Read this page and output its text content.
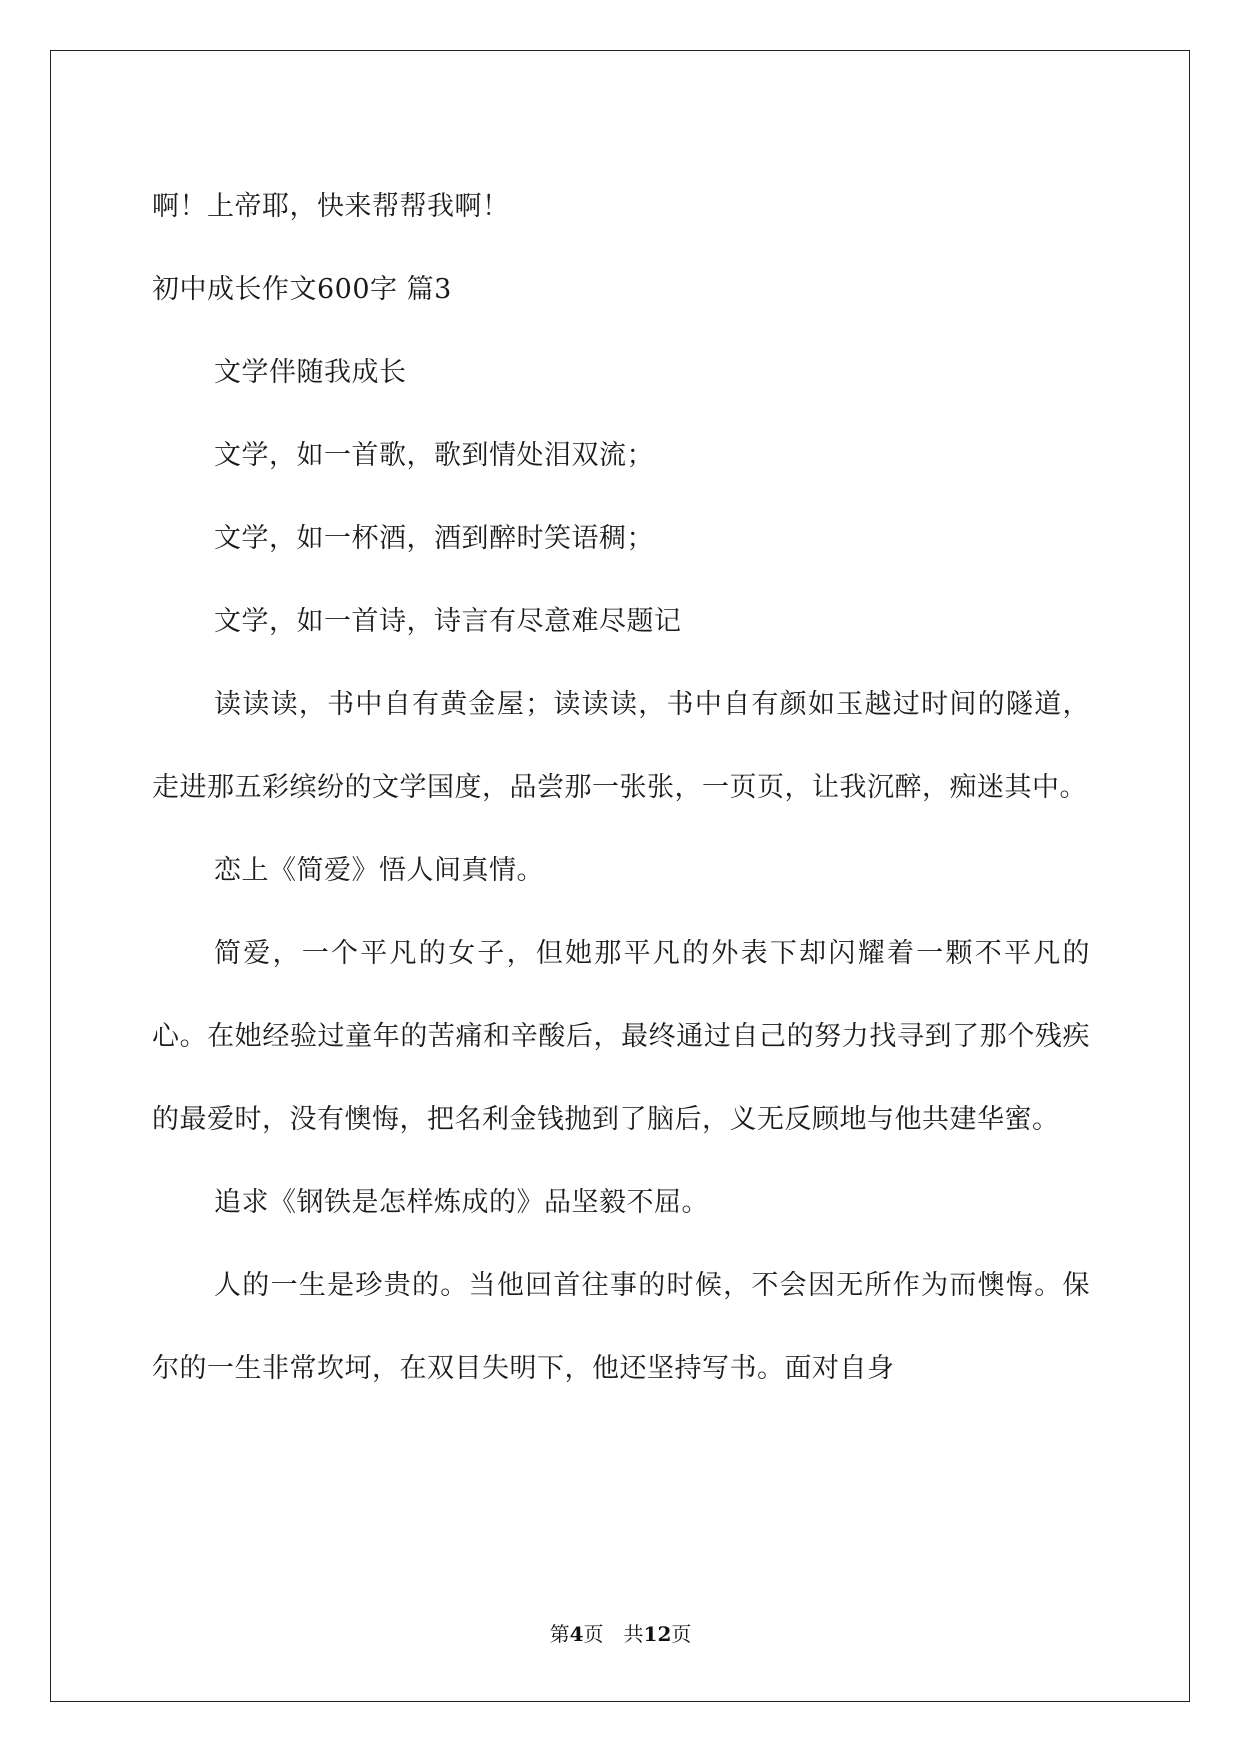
啊！上帝耶，快来帮帮我啊！

初中成长作文600字 篇3

文学伴随我成长

文学，如一首歌，歌到情处泪双流；

文学，如一杯酒，酒到醉时笑语稠；

文学，如一首诗，诗言有尽意难尽题记

读读读，书中自有黄金屋；读读读，书中自有颜如玉越过时间的隧道，走进那五彩缤纷的文学国度，品尝那一张张，一页页，让我沉醉，痴迷其中。

恋上《简爱》悟人间真情。

简爱，一个平凡的女子，但她那平凡的外表下却闪耀着一颗不平凡的心。在她经验过童年的苦痛和辛酸后，最终通过自己的努力找寻到了那个残疾的最爱时，没有懊悔，把名利金钱抛到了脑后，义无反顾地与他共建华蜜。

追求《钢铁是怎样炼成的》品坚毅不屈。

人的一生是珍贵的。当他回首往事的时候，不会因无所作为而懊悔。保尔的一生非常坎坷，在双目失明下，他还坚持写书。面对自身

第4页　共12页
